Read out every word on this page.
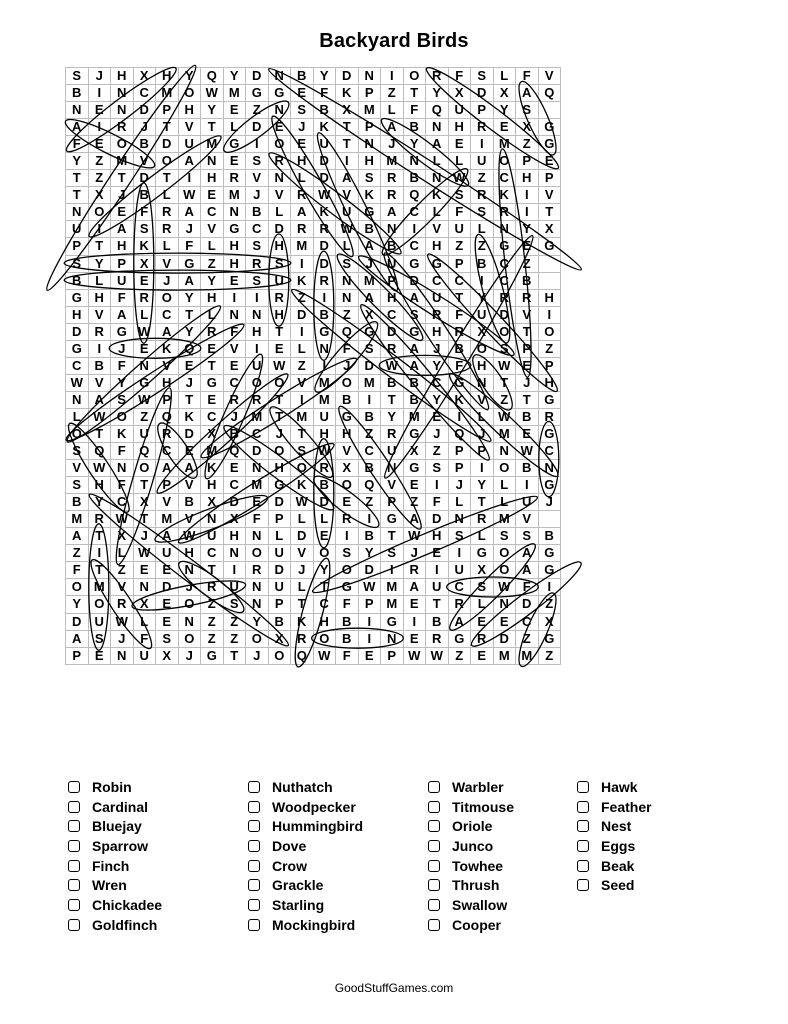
Backyard Birds
S	J	H	X	H	Y	Q	Y	D	N	B	Y	D	N	I	O	R	F	S	L	F	V
B	I	N	C	M	O	W	M	G	G	E	F	K	P	Z	T	Y	X	D	X	A	Q
N	E	N	D	P	H	Y	E	Z	N	S	B	X	M	L	F	Q	U	P	Y	S	
A	I	R	J	T	V	T	L	D	E	J	K	T	P	A	B	N	H	R	E	X	G
F	E	O	B	D	U	M	G	I	O	E	U	T	N	J	Y	A	E	I	M	Z	G
Y	Z	M	V	O	A	N	E	S	R	H	D	I	H	M	N	L	L	U	O	P	E
T	Z	T	D	T	I	H	R	V	N	L	D	A	S	R	B	N	W	Z	C	H	P
T	X	J	B	L	W	E	M	J	V	R	W	V	K	R	Q	K	S	R	K	I	V
N	O	E	F	R	A	C	N	B	L	A	K	U	G	A	C	L	F	S	R	I	T
U	I	A	S	R	J	V	G	C	D	R	R	W	B	N	I	V	U	L	N	Y	X
P	T	H	K	L	F	L	H	S	H	M	D	L	A	B	C	H	Z	Z	G	E	G
S	Y	P	X	V	G	Z	H	R	S	I	D	S	J	U	G	G	P	B	C	Z	
B	L	U	E	J	A	Y	E	S	U	K	R	N	M	P	D	C	C	I	C	B	
G	H	F	R	O	Y	H	I	I	R	Z	I	N	A	H	A	U	T	Y	R	R	H
H	V	A	L	C	T	L	N	N	H	D	B	Z	X	C	S	R	F	U	D	V	I
D	R	G	W	A	Y	R	F	H	T	I	G	Q	G	D	G	H	R	X	O	T	O
G	I	J	E	K	Q	E	V	I	E	L	N	F	S	R	A	J	B	O	S	P	Z
C	B	F	N	V	E	T	E	U	W	Z	I	J	D	W	A	Y	F	H	W	E	P
W	V	Y	G	H	J	G	C	O	O	V	M	O	M	B	B	C	G	N	T	J	H
N	A	S	W	P	T	E	R	R	T	I	M	B	I	T	B	Y	K	V	Z	T	G
L	W	O	Z	Q	K	C	J	M	T	M	U	G	B	Y	M	E	I	L	W	B	R
O	T	K	U	R	D	X	B	C	J	T	H	H	Z	R	G	J	Q	J	M	E	G
S	Q	F	Q	C	E	M	Q	D	O	S	W	V	C	U	X	Z	P	P	N	W	C
V	W	N	O	A	A	K	E	N	H	O	R	X	B	N	G	S	P	I	O	B	N
S	H	F	T	P	V	H	C	M	G	K	B	O	Q	V	E	I	J	Y	L	I	G
B	Y	C	X	V	B	X	D	E	D	W	D	E	Z	P	Z	F	L	T	L	U	J
M	R	W	T	M	V	N	X	F	P	L	L	R	I	G	A	D	N	R	M	V	
A	T	X	J	A	W	U	H	N	L	D	E	I	B	T	W	H	S	L	S	S	B
Z	I	L	W	U	H	C	N	O	U	V	O	S	Y	S	J	E	I	G	O	A	G
F	T	Z	E	E	N	T	I	R	D	J	Y	O	D	I	R	I	U	X	O	A	G
O	M	V	N	D	J	R	U	N	U	L	T	G	W	M	A	U	C	S	W	F	I
Y	O	R	X	E	O	Z	S	N	P	T	C	F	P	M	E	T	R	L	N	D	Z
D	U	W	L	E	N	Z	Z	Y	B	K	H	B	I	G	I	B	A	E	E	C	X
A	S	J	F	S	O	Z	Z	O	X	R	O	B	I	N	E	R	G	R	D	Z	G
P	E	N	U	X	J	G	T	J	O	Q	W	F	E	P	W	W	Z	E	M	M	Z
Robin
Cardinal
Bluejay
Sparrow
Finch
Wren
Chickadee
Goldfinch
Nuthatch
Woodpecker
Hummingbird
Dove
Crow
Grackle
Starling
Mockingbird
Warbler
Titmouse
Oriole
Junco
Towhee
Thrush
Swallow
Cooper
Hawk
Feather
Nest
Eggs
Beak
Seed
GoodStuffGames.com
